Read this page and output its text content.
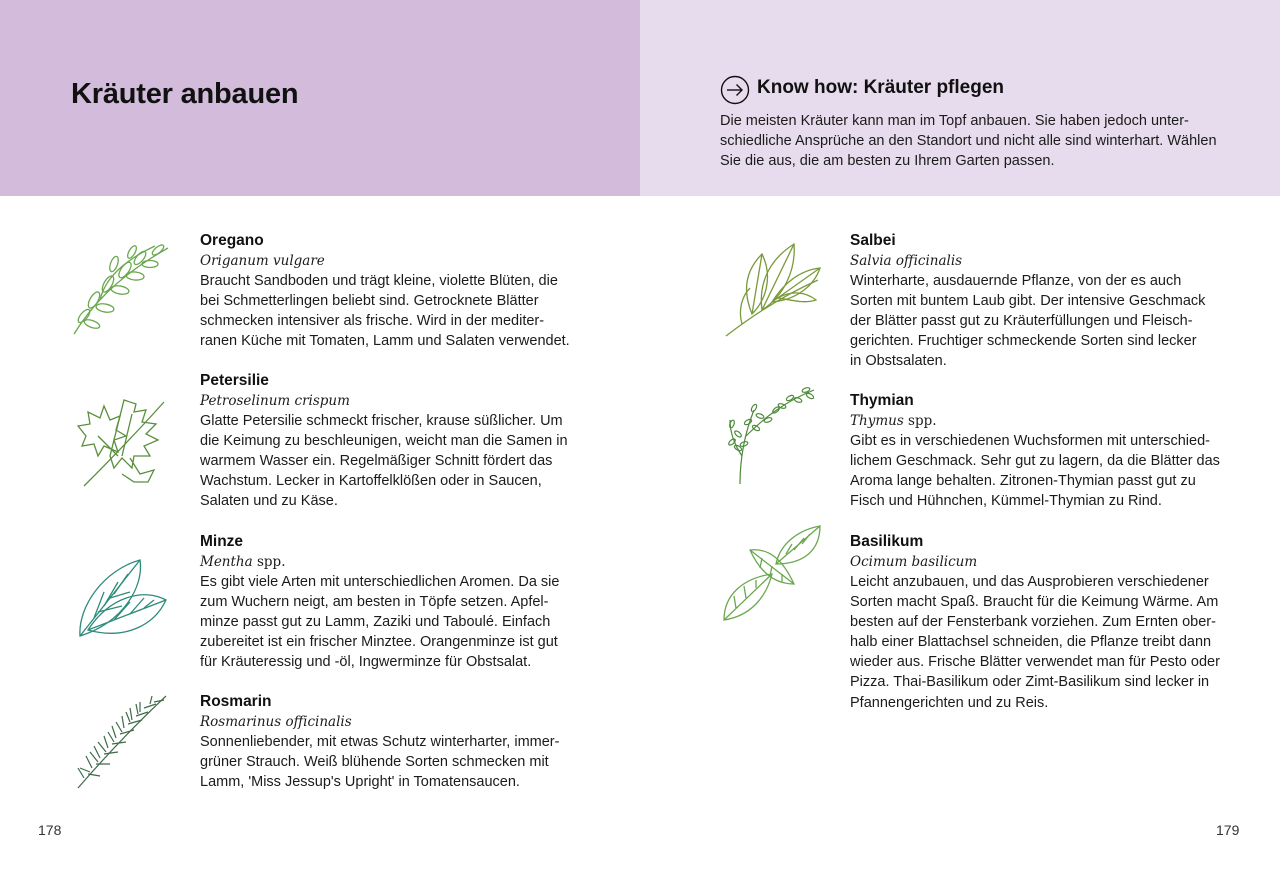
Kräuter anbauen	Know how: Kräuter pflegen
Die meisten Kräuter kann man im Topf anbauen. Sie haben jedoch unter-
schiedliche Ansprüche an den Standort und nicht alle sind winterhart. Wählen
Sie die aus, die am besten zu Ihrem Garten passen.
Oregano
Origanum vulgare
Braucht Sandboden und trägt kleine, violette Blüten, die
bei Schmetterlingen beliebt sind. Getrocknete Blätter
schmecken intensiver als frische. Wird in der mediter-
ranen Küche mit Tomaten, Lamm und Salaten verwendet.
Petersilie
Petroselinum crispum
Glatte Petersilie schmeckt frischer, krause süßlicher. Um
die Keimung zu beschleunigen, weicht man die Samen in
warmem Wasser ein. Regelmäßiger Schnitt fördert das
Wachstum. Lecker in Kartoffelklößen oder in Saucen,
Salaten und zu Käse.
Minze
Mentha spp.
Es gibt viele Arten mit unterschiedlichen Aromen. Da sie
zum Wuchern neigt, am besten in Töpfe setzen. Apfel-
minze passt gut zu Lamm, Zaziki und Taboulé. Einfach
zubereitet ist ein frischer Minztee. Orangenminze ist gut
für Kräuteressig und -öl, Ingwerminze für Obstsalat.
Rosmarin
Rosmarinus officinalis
Sonnenliebender, mit etwas Schutz winterharter, immer-
grüner Strauch. Weiß blühende Sorten schmecken mit
Lamm, 'Miss Jessup's Upright' in Tomatensaucen.
Salbei
Salvia officinalis
Winterharte, ausdauernde Pflanze, von der es auch
Sorten mit buntem Laub gibt. Der intensive Geschmack
der Blätter passt gut zu Kräuterfüllungen und Fleisch-
gerichten. Fruchtiger schmeckende Sorten sind lecker
in Obstsalaten.
Thymian
Thymus spp.
Gibt es in verschiedenen Wuchsformen mit unterschied-
lichem Geschmack. Sehr gut zu lagern, da die Blätter das
Aroma lange behalten. Zitronen-Thymian passt gut zu
Fisch und Hühnchen, Kümmel-Thymian zu Rind.
Basilikum
Ocimum basilicum
Leicht anzubauen, und das Ausprobieren verschiedener
Sorten macht Spaß. Braucht für die Keimung Wärme. Am
besten auf der Fensterbank vorziehen. Zum Ernten ober-
halb einer Blattachsel schneiden, die Pflanze treibt dann
wieder aus. Frische Blätter verwendet man für Pesto oder
Pizza. Thai-Basilikum oder Zimt-Basilikum sind lecker in
Pfannengerichten und zu Reis.
178	179
